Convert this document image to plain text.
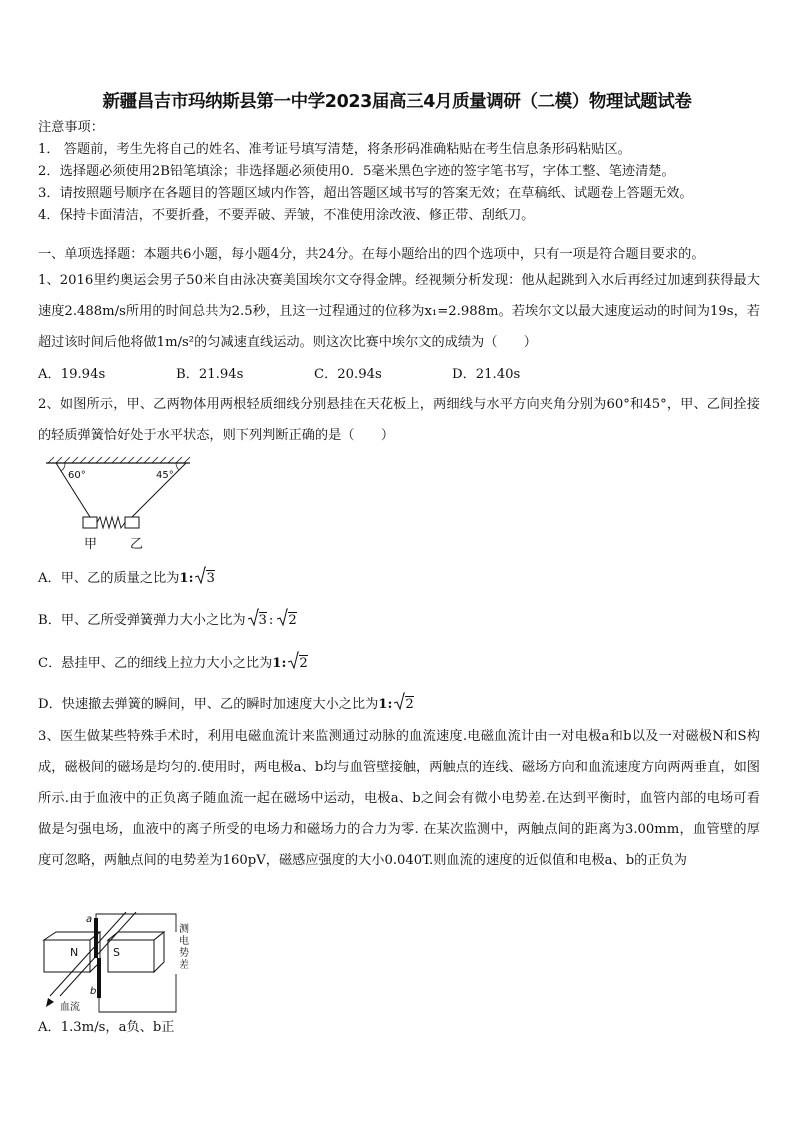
新疆昌吉市玛纳斯县第一中学2023届高三4月质量调研（二模）物理试题试卷
注意事项：
1． 答题前，考生先将自己的姓名、准考证号填写清楚，将条形码准确粘贴在考生信息条形码粘贴区。
2．选择题必须使用2B铅笔填涂；非选择题必须使用0．5毫米黑色字迹的签字笔书写，字体工整、笔迹清楚。
3．请按照题号顺序在各题目的答题区域内作答，超出答题区域书写的答案无效；在草稿纸、试题卷上答题无效。
4．保持卡面清洁，不要折叠，不要弄破、弄皱，不准使用涂改液、修正带、刮纸刀。
一、单项选择题：本题共6小题，每小题4分，共24分。在每小题给出的四个选项中，只有一项是符合题目要求的。
1、2016里约奥运会男子50米自由泳决赛美国埃尔文夺得金牌。经视频分析发现：他从起跳到入水后再经过加速到获得最大速度2.488m/s所用的时间总共为2.5秒，且这一过程通过的位移为x₁=2.988m。若埃尔文以最大速度运动的时间为19s，若超过该时间后他将做1m/s²的匀减速直线运动。则这次比赛中埃尔文的成绩为（　　）
A．19.94s	B．21.94s	C．20.94s	D．21.40s
2、如图所示，甲、乙两物体用两根轻质细线分别悬挂在天花板上，两细线与水平方向夹角分别为60°和45°，甲、乙间拴接的轻质弹簧恰好处于水平状态，则下列判断正确的是（　　）
60°	45°
甲	乙
A．甲、乙的质量之比为1: 3
B．甲、乙所受弹簧弹力大小之比为 3 : 2
C．悬挂甲、乙的细线上拉力大小之比为1: 2
D．快速撤去弹簧的瞬间，甲、乙的瞬时加速度大小之比为1: 2
3、医生做某些特殊手术时，利用电磁血流计来监测通过动脉的血流速度.电磁血流计由一对电极a和b以及一对磁极N和S构成，磁极间的磁场是均匀的.使用时，两电极a、b均与血管壁接触，两触点的连线、磁场方向和血流速度方向两两垂直，如图所示.由于血液中的正负离子随血流一起在磁场中运动，电极a、b之间会有微小电势差.在达到平衡时，血管内部的电场可看做是匀强电场，血液中的离子所受的电场力和磁场力的合力为零. 在某次监测中，两触点间的距离为3.00mm，血管壁的厚度可忽略，两触点间的电势差为160pV，磁感应强度的大小0.040T.则血流的速度的近似值和电极a、b的正负为
N	S
a
b
测
电
势
差
血流
A．1.3m/s，a负、b正
